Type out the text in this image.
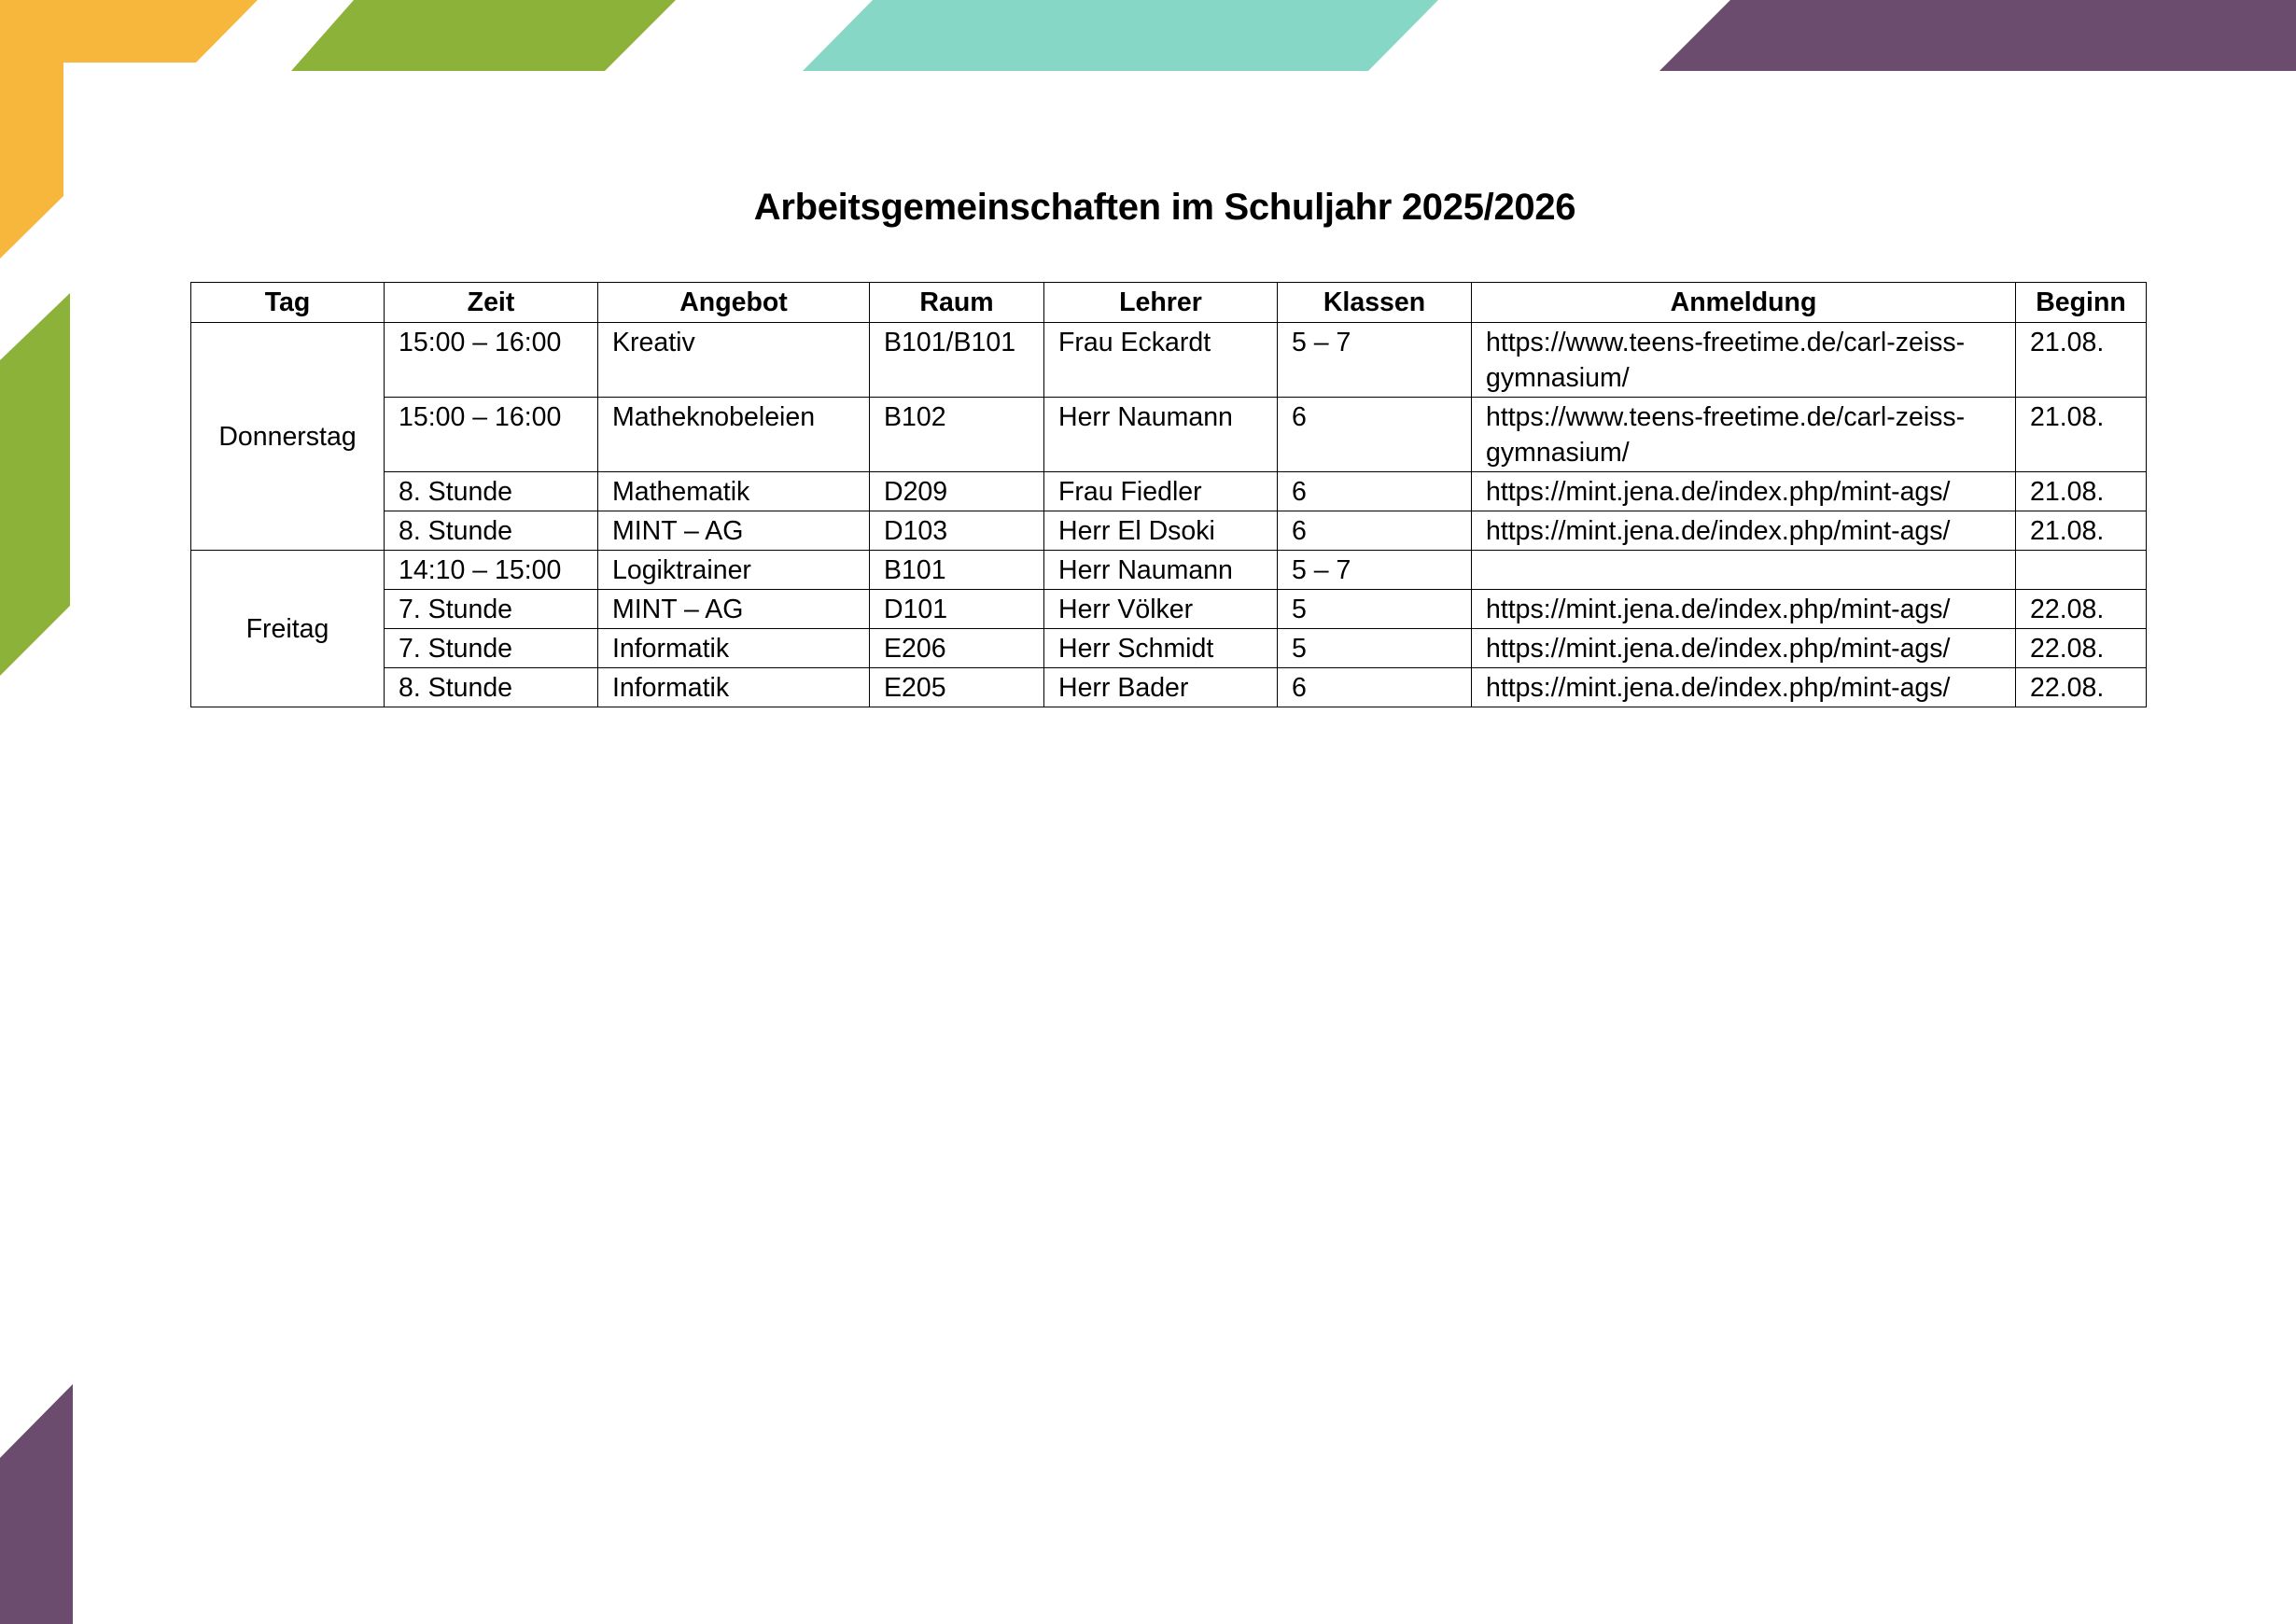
Arbeitsgemeinschaften im Schuljahr 2025/2026
Tag	Zeit	Angebot	Raum	Lehrer	Klassen	Anmeldung	Beginn
Donnerstag	15:00 – 16:00	Kreativ	B101/B101	Frau Eckardt	5 – 7	https://www.teens-freetime.de/carl-zeiss-gymnasium/	21.08.
	15:00 – 16:00	Matheknobeleien	B102	Herr Naumann	6	https://www.teens-freetime.de/carl-zeiss-gymnasium/	21.08.
	8. Stunde	Mathematik	D209	Frau Fiedler	6	https://mint.jena.de/index.php/mint-ags/	21.08.
	8. Stunde	MINT – AG	D103	Herr El Dsoki	6	https://mint.jena.de/index.php/mint-ags/	21.08.
Freitag	14:10 – 15:00	Logiktrainer	B101	Herr Naumann	5 – 7		
	7. Stunde	MINT – AG	D101	Herr Völker	5	https://mint.jena.de/index.php/mint-ags/	22.08.
	7. Stunde	Informatik	E206	Herr Schmidt	5	https://mint.jena.de/index.php/mint-ags/	22.08.
	8. Stunde	Informatik	E205	Herr Bader	6	https://mint.jena.de/index.php/mint-ags/	22.08.
